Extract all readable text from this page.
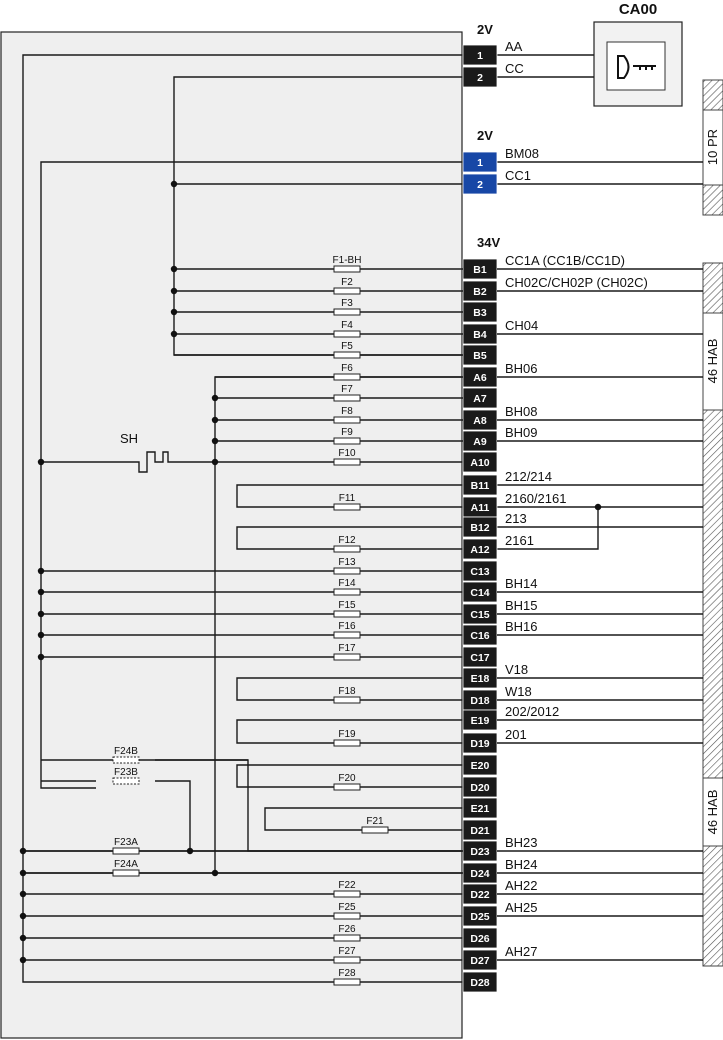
CA00
10 PR
46 HAB
46 HAB
2V
2V
34V
1
AA
2
CC
1
BM08
2
CC1
B1
CC1A (CC1B/CC1D)
F1-BH
B2
CH02C/CH02P (CH02C)
F2
B3
F3
B4
CH04
F4
B5
F5
A6
BH06
F6
A7
F7
A8
BH08
F8
A9
BH09
F9
A10
F10
B11
212/214
A11
2160/2161
F11
B12
213
A12
2161
F12
C13
F13
C14
BH14
F14
C15
BH15
F15
C16
BH16
F16
C17
F17
E18
V18
D18
W18
F18
E19
202/2012
D19
201
F19
E20
D20
F20
E21
D21
F21
D23
BH23
F23A
D24
BH24
F24A
D22
AH22
F22
D25
AH25
F25
D26
F26
D27
AH27
F27
D28
F28
F24B
F23B
SH
